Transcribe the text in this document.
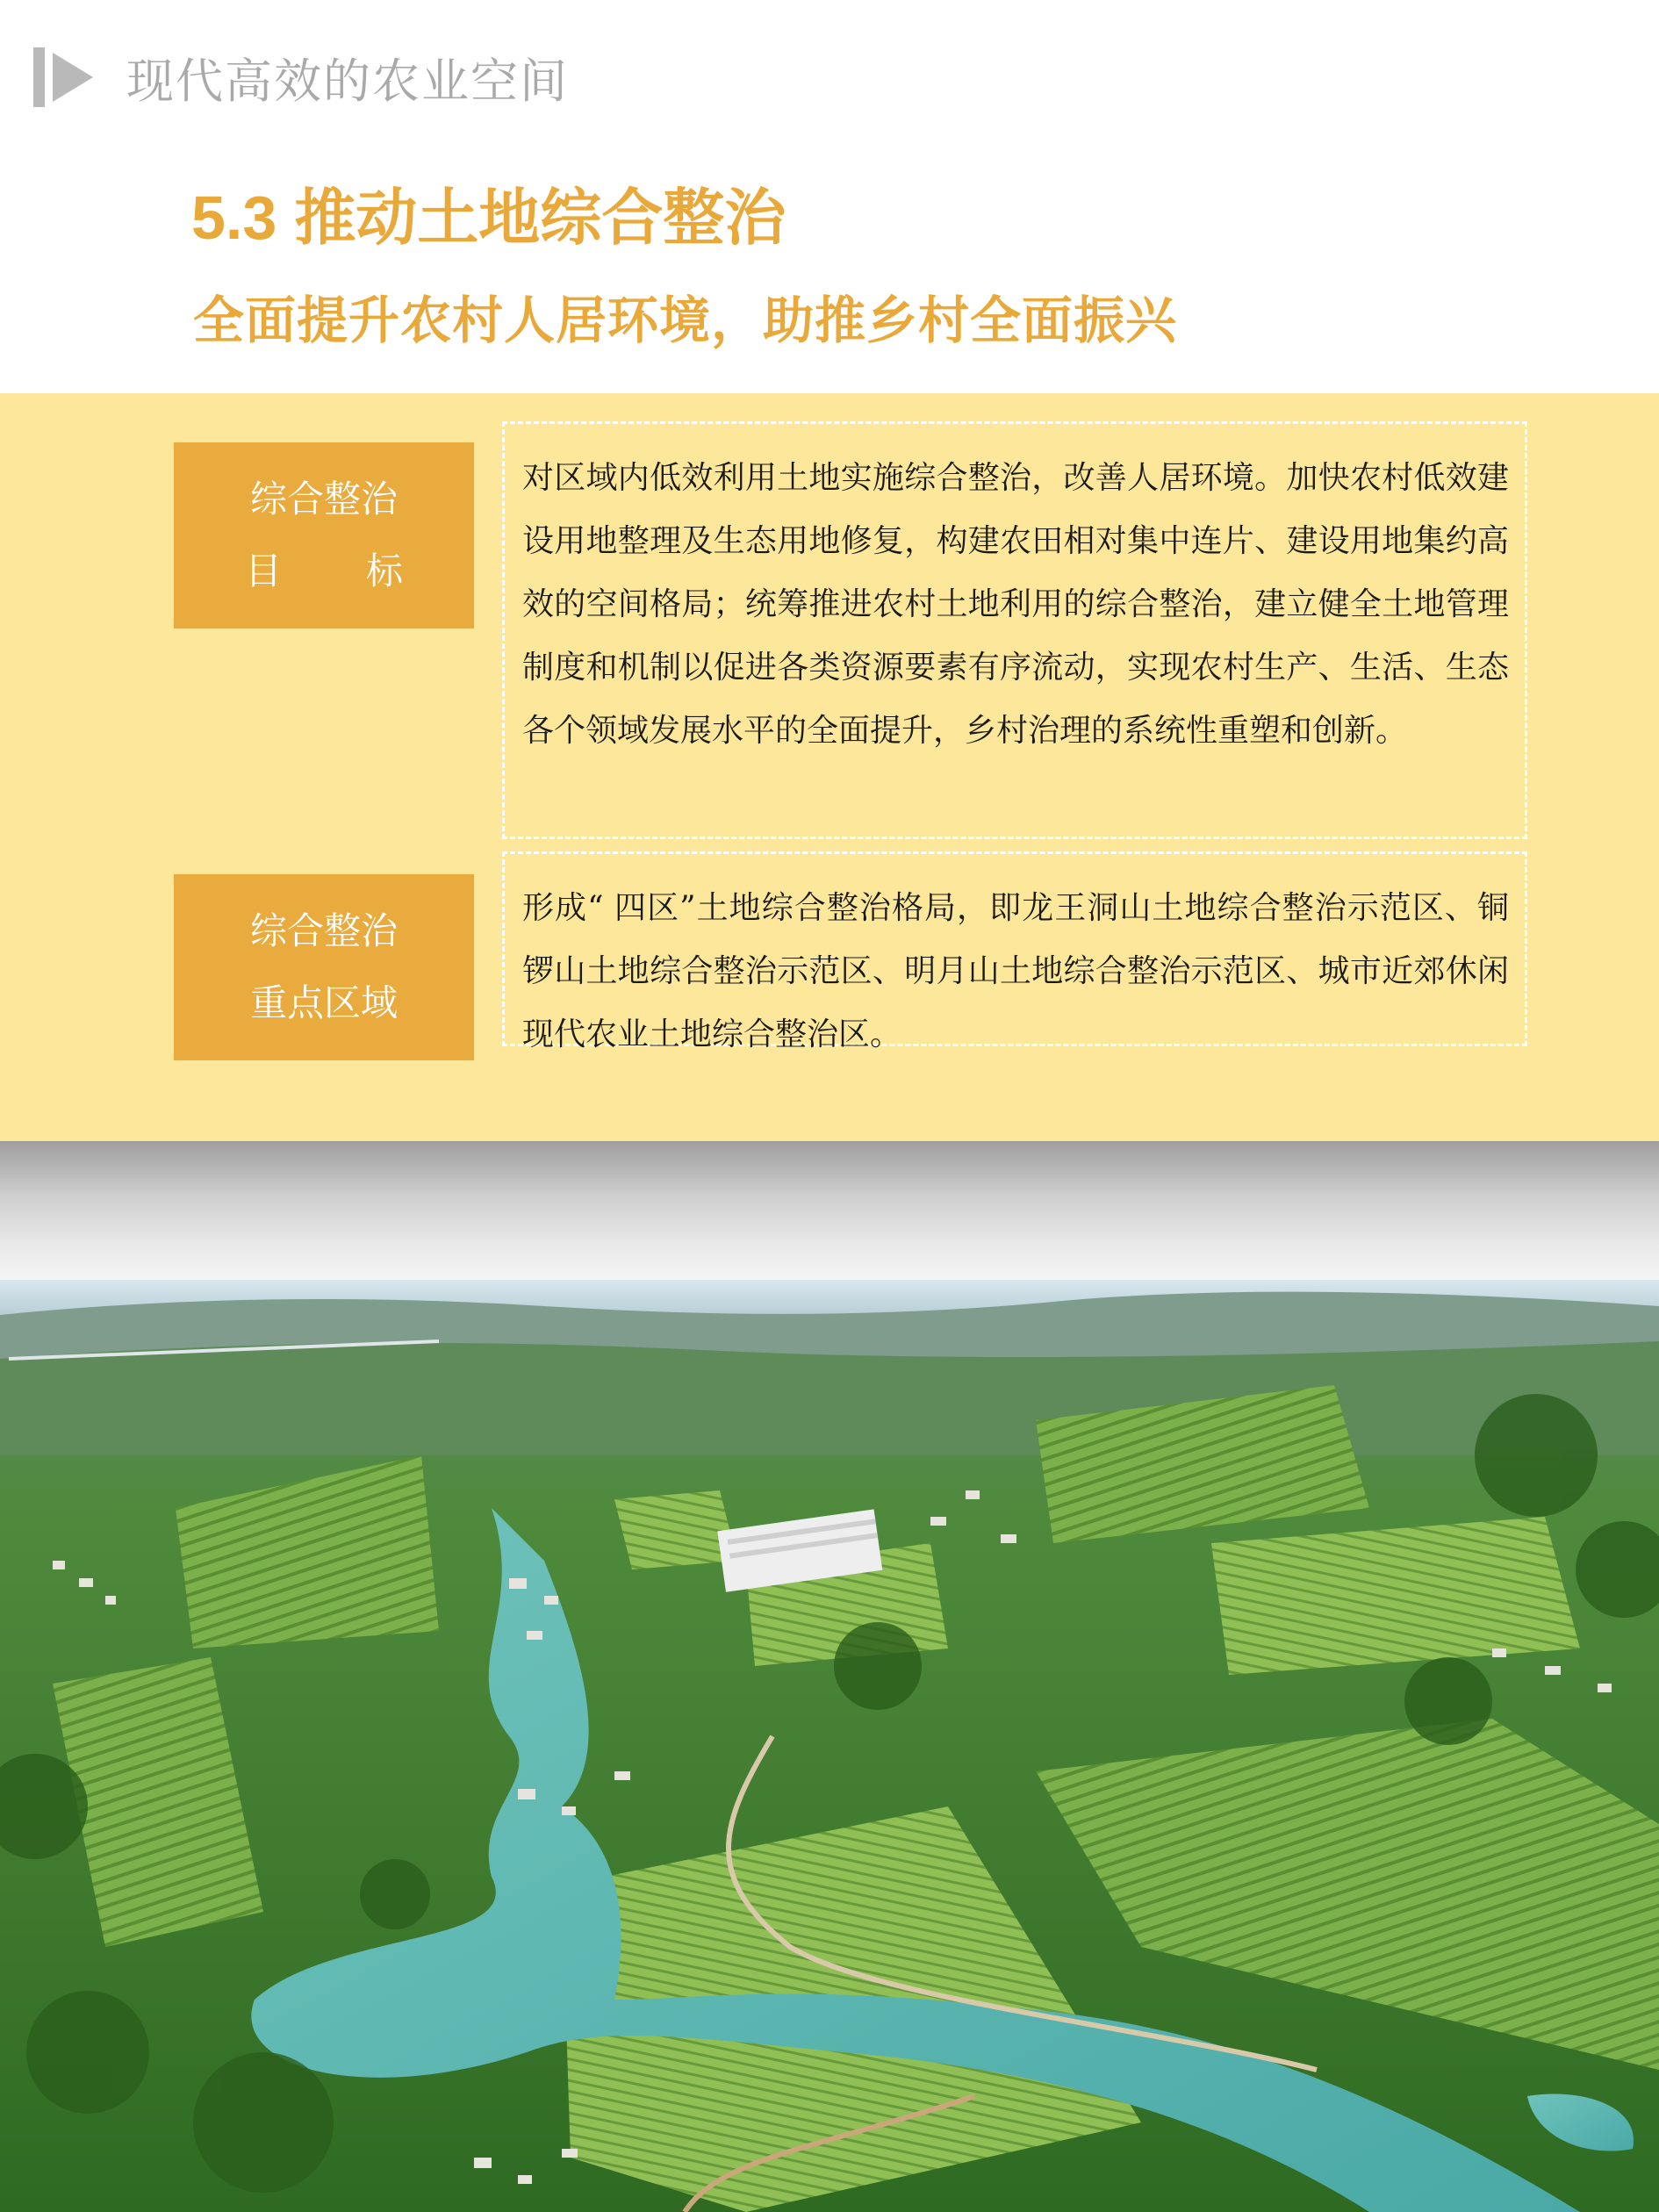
现代高效的农业空间
5.3 推动土地综合整治
全面提升农村人居环境，助推乡村全面振兴
综合整治
目 标
对区域内低效利用土地实施综合整治，改善人居环境。加快农村低效建设用地整理及生态用地修复，构建农田相对集中连片、建设用地集约高效的空间格局；统筹推进农村土地利用的综合整治，建立健全土地管理制度和机制以促进各类资源要素有序流动，实现农村生产、生活、生态各个领域发展水平的全面提升，乡村治理的系统性重塑和创新。
综合整治
重点区域
形成“ 四区”土地综合整治格局，即龙王洞山土地综合整治示范区、铜锣山土地综合整治示范区、明月山土地综合整治示范区、城市近郊休闲现代农业土地综合整治区。
